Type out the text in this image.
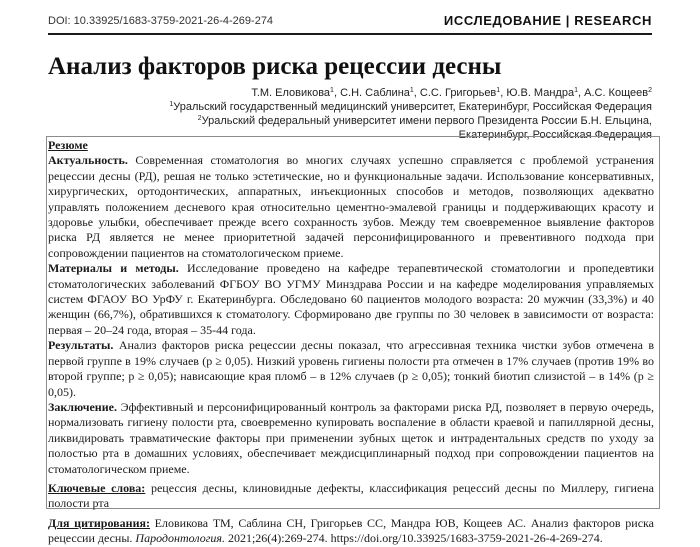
DOI: 10.33925/1683-3759-2021-26-4-269-274	ИССЛЕДОВАНИЕ | RESEARCH
Анализ факторов риска рецессии десны

Т.М. Еловикова$^1$, С.Н. Саблина$^1$, С.С. Григорьев$^1$, Ю.В. Мандра$^1$, А.С. Кощеев$^2$

$^1$Уральский государственный медицинский университет, Екатеринбург, Российская Федерация

$^2$Уральский федеральный университет имени первого Президента России Б.Н. Ельцина,

Екатеринбург, Российская Федерация

Резюме

Актуальность. Современная стоматология во многих случаях успешно справляется с проблемой устранения рецессии десны (РД), решая не только эстетические, но и функциональные задачи. Использование консервативных, хирургических, ортодонтических, аппаратных, инъекционных способов и методов, позволяющих адекватно управлять положением десневого края относительно цементно-эмалевой границы и поддерживающих красоту и здоровье улыбки, обеспечивает прежде всего сохранность зубов. Между тем своевременное выявление факторов риска РД является не менее приоритетной задачей персонифицированного и превентивного подхода при сопровождении пациентов на стоматологическом приеме.

Материалы и методы. Исследование проведено на кафедре терапевтической стоматологии и пропедевтики стоматологических заболеваний ФГБОУ ВО УГМУ Минздрава России и на кафедре моделирования управляемых систем ФГАОУ ВО УрФУ г. Екатеринбурга. Обследовано 60 пациентов молодого возраста: 20 мужчин (33,3%) и 40 женщин (66,7%), обратившихся к стоматологу. Сформировано две группы по 30 человек в зависимости от возраста: первая – 20–24 года, вторая – 35-44 года.

Результаты. Анализ факторов риска рецессии десны показал, что агрессивная техника чистки зубов отмечена в первой группе в 19% случаев (p ≥ 0,05). Низкий уровень гигиены полости рта отмечен в 17% случаев (против 19% во второй группе; p ≥ 0,05); нависающие края пломб – в 12% случаев (p ≥ 0,05); тонкий биотип слизистой – в 14% (p ≥ 0,05).

Заключение. Эффективный и персонифицированный контроль за факторами риска РД, позволяет в первую очередь, нормализовать гигиену полости рта, своевременно купировать воспаление в области краевой и папиллярной десны, ликвидировать травматические факторы при применении зубных щеток и интрадентальных средств по уходу за полостью рта в домашних условиях, обеспечивает междисциплинарный подход при сопровождении пациентов на стоматологическом приеме.

Ключевые слова: рецессия десны, клиновидные дефекты, классификация рецессий десны по Миллеру, гигиена полости рта

Для цитирования: Еловикова ТМ, Саблина СН, Григорьев СС, Мандра ЮВ, Кощеев АС. Анализ факторов риска рецессии десны. Пародонтология. 2021;26(4):269-274. https://doi.org/10.33925/1683-3759-2021-26-4-269-274.
